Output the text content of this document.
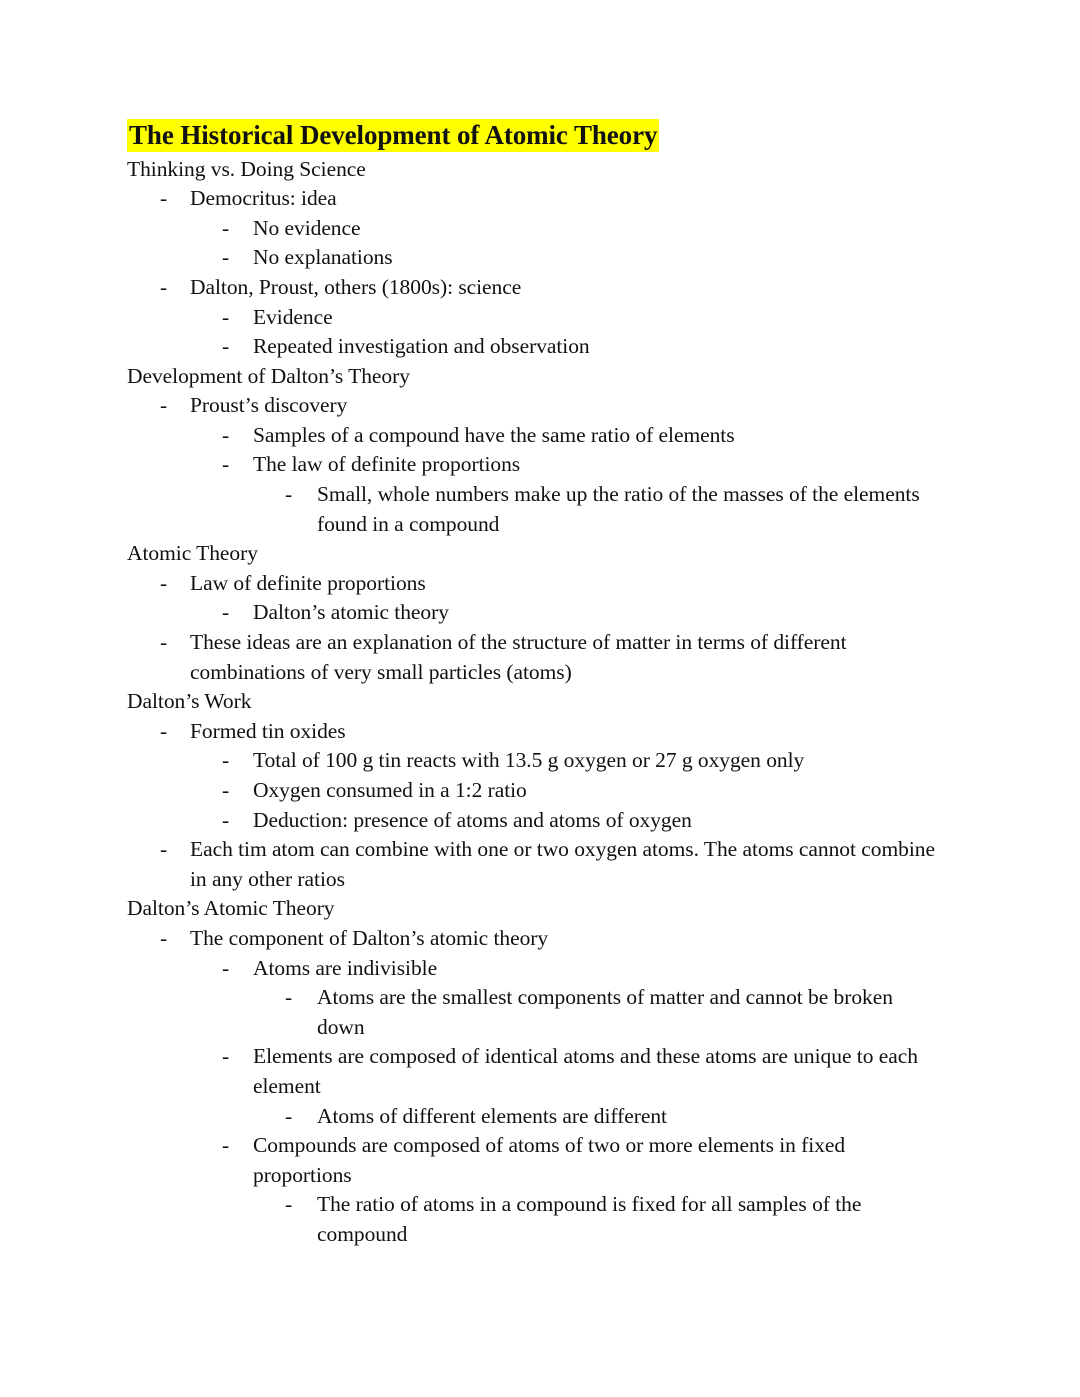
The Historical Development of Atomic Theory
Thinking vs. Doing Science
-	Democritus: idea
-	No evidence
-	No explanations
-	Dalton, Proust, others (1800s): science
-	Evidence
-	Repeated investigation and observation
Development of Dalton’s Theory
-	Proust’s discovery
-	Samples of a compound have the same ratio of elements
-	The law of definite proportions
-	Small, whole numbers make up the ratio of the masses of the elements found in a compound
Atomic Theory
-	Law of definite proportions
-	Dalton’s atomic theory
-	These ideas are an explanation of the structure of matter in terms of different combinations of very small particles (atoms)
Dalton’s Work
-	Formed tin oxides
-	Total of 100 g tin reacts with 13.5 g oxygen or 27 g oxygen only
-	Oxygen consumed in a 1:2 ratio
-	Deduction: presence of atoms and atoms of oxygen
-	Each tim atom can combine with one or two oxygen atoms. The atoms cannot combine in any other ratios
Dalton’s Atomic Theory
-	The component of Dalton’s atomic theory
-	Atoms are indivisible
-	Atoms are the smallest components of matter and cannot be broken down
-	Elements are composed of identical atoms and these atoms are unique to each element
-	Atoms of different elements are different
-	Compounds are composed of atoms of two or more elements in fixed proportions
-	The ratio of atoms in a compound is fixed for all samples of the compound
